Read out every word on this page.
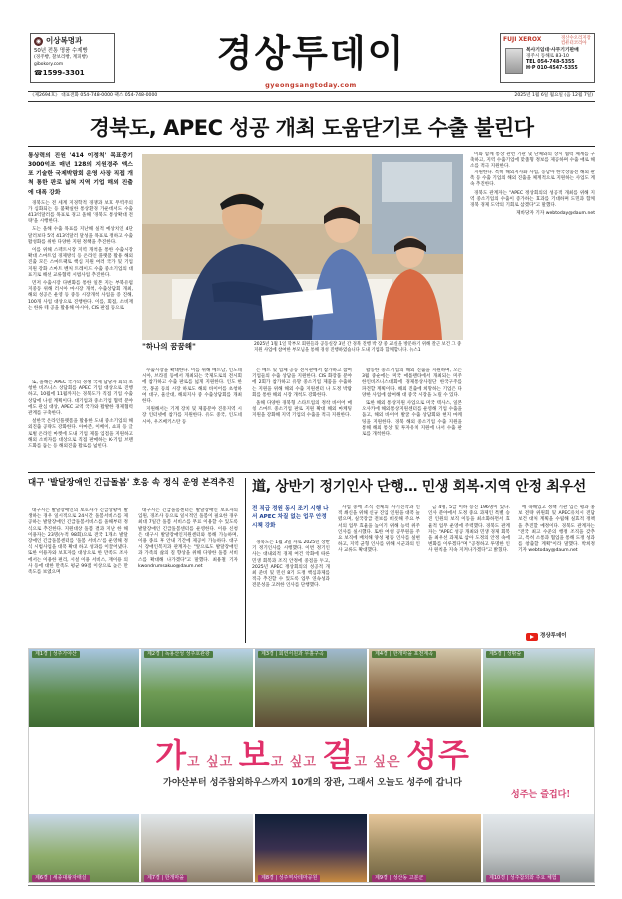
◉ 이상복명과
50년 전통 명품 수제빵
(경주빵, 찰보리빵, 계피빵)
gibokory.com
☎1599-3301	경상투데이
gyeongsangtoday.com
FUJI XEROX	경산수오리지장 컴퓨터코리아
복사기임대·사무기기판매
경주시 동해로 83-10

TEL 054-748-5355
H·P 010-4547-5355
《제2694호》 대표전화 054-748-0000 팩스 054-748-0000	2025년 1월 6일 월요일 (음 12월 7일)
경북도, APEC 성공 개최 도움닫기로 수출 불린다
통상력의 진원 '414 이정칙' 목표중기 3000억조 매년 128의 지원경주 엑스포 기술한 국제박람회 운영 사장 직접 개척 통한 판로 넓혀 지역 기업 해외 진출에 대폭 강화

경북도는 전 세계 지경학적 경쟁과 보호 무역주의가 심화되는 등 불확실한 통상환경 가운데서도 수출 413억달러를 목표로 경고 올해 '경북도 통상확대 전략'을 시행한다.

도는 올해 수출 목표를 지난해 실적 예상치인 4단달러보다 5억 413억달러 달성을 목표로 정하고 수출 활성화를 위한 다양한 지원 정책을 추진한다.

이를 위해 스펙트시장 지역 개척을 통한 수출시장 확대 스마트업 경제방식 등 온라인 플랫폼 활용 해외진출 모든 스마트팩토 핵심 지원 여러 국가 및 기업 지원 강화 스마트 벤처 트레이드 수출 중소기업의 대표기로 해선 교류협력 시범사업 추진한다.

먼저 수출시장 다변화를 통한 일본 지는 부북유럽 지중동 위해 러시아 마시장 개척, 수출상담회 개최, 해외 성공은 운영 등 중동 시장개척 사업을 증 진해, 100개 사업 대상으로 진행한다. 이를, 회접, 소비재는 한류 테 공을 활용해 아시아, CIS 판접 등으로

"하나의 꿈꿈해"	2025년 1월 1일 학부모 회원들과 공동실장 3년 간 경북 진행 박 장 중 교실을 방문하기 위해 잘근 보건 그 중 지원 사업에 참여한 부모님을 통해 경성 진행하였습니다 도내 기업과 함께합니다. 뉴스1

지원한다. 특히 해외지사화 사업, 동남아 한국상품전 해외 판촉 등 수출 기업의 해외 진출을 체계적으로 지원하는 사업도 계속 추진한다.

경북도 관계자는 "APEC 정상회의의 성공적 개최를 위해 지역 중소기업의 수출이 증가하는 효과를 기대하며 도민과 함께 경북 경제 도약의 기회로 삼겠다"고 말했다.

제바당자 기자 webtoday@daum.net

이와 함께 통상 관련 기관 및 단체와의 상시 협력 체계를 구축하고, 지역 수출기업에 맞춤형 정보를 제공하며 수출 애로 해소를 적극 지원한다.

수출시장을 확대한다. 이를 위해 베트남, 인도네시아, 브라질 등에서 개최되는 국제도로의 전시회에 참가하고 수출 판로를 넓게 지원한다. 인도 한국, 몽골 등의 시장 하로도 해외 바이어를 초청하여 대구, 울산대, 해외지사 중 수출상담회를 개최한다.

지원해서는 기계 장치 및 제품분야 진흥지역 시장 인터넷에 참가를 지원한다. 유도 중국, 인도네시아, 우즈베키스탄 등

는 베트 및 업체 공동 전시관에서 참가하고 참여 기업들의 수출 상담을 지원한다. CIS 화장품 분야에 2회가 참가하고 유망 중소기업 제품을 수출하는 지원을 위해 해외 수출 지원센터 나 도정 박람회를 통한 해외 시장 개척도 강화한다.

올해 다양한 경북형 스타트업의 정착 바이어 매칭 스마트 중소기업 판로 지원 확대 해외 마케팅 지원을 강화해 지역 기업의 수출을 적극 지원한다.

활동한 중소기업의 해외 진출을 지원하며, 오는 3월 중순에는 미국 애틀랜타에서 개최되는 미주 한인비즈니스대회에 경제통상사절단 한국구주를 파견할 계획이다. 해외 진출에 희망하는 기업은 다양한 사업에 참여해 대 중국 시장을 노릴 수 있다.

또한 해외 통상지원 사업으로 미국 텍사스, 일본 오사카에 해외통상지원센터를 운영해 기업 수출을 돕고, 해외 바이어 발굴 수출 상담회와 현지 마케팅을 지원한다. 경북 해외 중소기업 수출 지원을 통해 해외 통상 및 투자유치 지원에 나서 수출 판로를 개척한다.

또, 올해는 APEC 국가의 경쟁 국제 담당자 회의 초청한 비즈니스 상담회를 APEC 기업 대상으로 진행하고, 10월에 11월까지는 경북도가 직접 기업 수출 상담에 나설 계획이다. 대기업과 중소기업 협력 분야에도 관심 대상, APEC 교역 국가와 활발한 경제협력 관계를 구축한다.

설한국 온라인플랫폼을 활용한 도내 중소기업의 해외진출 공략도 강화한다. 아마존, 이베이, 쇼피 등 글로벌 온라인 마켓에 도내 기업 제품 입점을 지원하고 해외 소비자를 대상으로 직접 판매하는 K-기업 브랜드화를 돕는 등 해외진출 활로를 넓힌다.

대구 '발달장애인 긴급돌봄' 호응 속 정식 운영 본격추진

대구시는 발달장애인의 보호자가 긴급상황이 발생하는 경우 일시적으로 24시간 돌봄서비스를 제공하는 발달장애인 긴급돌봄서비스를 올해부터 정식으로 추진한다. 지원대상 돌봄 결과 지난 한 해 이용자는 23명(누적 98회)으로 전국 1개소 발달장애인 긴급돌봄센터를 '돌봄 서비스'를 운영해 정식 시범사업을 대폭 확대 하고 성과를 이끌어냈다. 또한 이용자와 보호자를 대상으로 한 만족도 조사에서는 이용한 편리, 시설 이용 서비스, 재이용 의사 등에 대한 만족도 평균 99점 이상으로 높은 만족도를 보였으며

대구시는 긴급돌봄센터는 발달장애인 보호자의 입원, 경조사 등으로 일시적인 돌봄이 필요한 경우 최대 7일간 돌봄 서비스를 무료 이용할 수 있도록 발달장애인 긴급돌봄센터를 운영한다. 이용 신청은 대구시 발달장애인지원센터와 통해 가능하며, 이용 종료 후 안내 기간에 제공이 가능하다. 대구시 장애인복지과 관계자는 "앞으로도 발달장애인과 가족의 삶의 질 향상을 위해 다양한 돌봄 서비스를 확대해 나가겠다"고 말했다. 최용철 기자 kwondrumsakuo@daum.net

道, 상반기 정기인사 단행… 민생 회복·지역 안정 최우선
전 직급 정원 동시 조기 시행 나서 APEC 차질 없는 업무 안정 시책 강화

경북도는 1월 3일 자로 2025년 상반기 정기인사를 시행했다. 이번 정기인사는 대내외적 경제 여건 악화에 따른 민생 회복과 조직 안정에 중점을 두고, 2025년 APEC 정상회의의 성공적 개최 준비 및 민선 8기 도정 핵심과제를 적극 추진할 수 있도록 업무 연속성과 전문성을 고려한 인사를 단행했다.

사업 중에 조직 전체의 사기진작과 인적 쇄신을 위해 신규 진입 인원을 대폭 늘렸으며, 실국장급 전보를 비롯해 주요 부서의 업무 효율을 높이기 위해 능력 위주 인사를 실시했다. 또한 여성 공무원을 주요 보직에 배치해 양성 평등 인사를 실현하고, 지역 균형 인사를 위해 시군과의 인사 교류도 확대했다.

금 4명, 5급 이하 승진 196명이 있다. 인사 분야에서 도정 중요 과제인 특별 승진 인원의 보직 이동을 최소화하면서 효율적 업무 운영에 주력했다. 경북도 관계자는 "APEC 성공 개최와 민생 경제 회복을 최우선 과제로 삼아 도정의 안정 속에 변화를 이루겠다"며 "공정하고 투명한 인사 원칙을 지속 지켜나가겠다"고 밝혔다.

에 속해있고 정책 기관 입은 평과 홍보 전략 위원회 및 APEC유치시 전담 보건 대처 계획을 수립해 실효적 정책을 추진할 예정이다. 경북도 관계자는 "전국 최고 수준의 행정 조직을 갖추고, 특히 소통과 협업을 통해 도정 성과를 창출할 계획"이라 말했다. 박희정 기자 webtoday@daum.net

경상투데이
제1경 | 성주가야산	제2경 | 독용산성 성주호관광	제3경 | 회연서원과 무흘구곡	제4경 | 한개마을 포천계곡	제5경 | 성밖숲
가고 싶고 보고 싶고 걸고 싶은 성주
가야산부터 성주참외하우스까지 10개의 장관, 그래서 오늘도 성주에 갑니다
성주는 즐겁다!
제6경 | 세종대왕자태실	제7경 | 한개마을	제8경 | 성주역사테마공원	제9경 | 성산동 고분군	제10경 | 성주참외와 주요 체험
